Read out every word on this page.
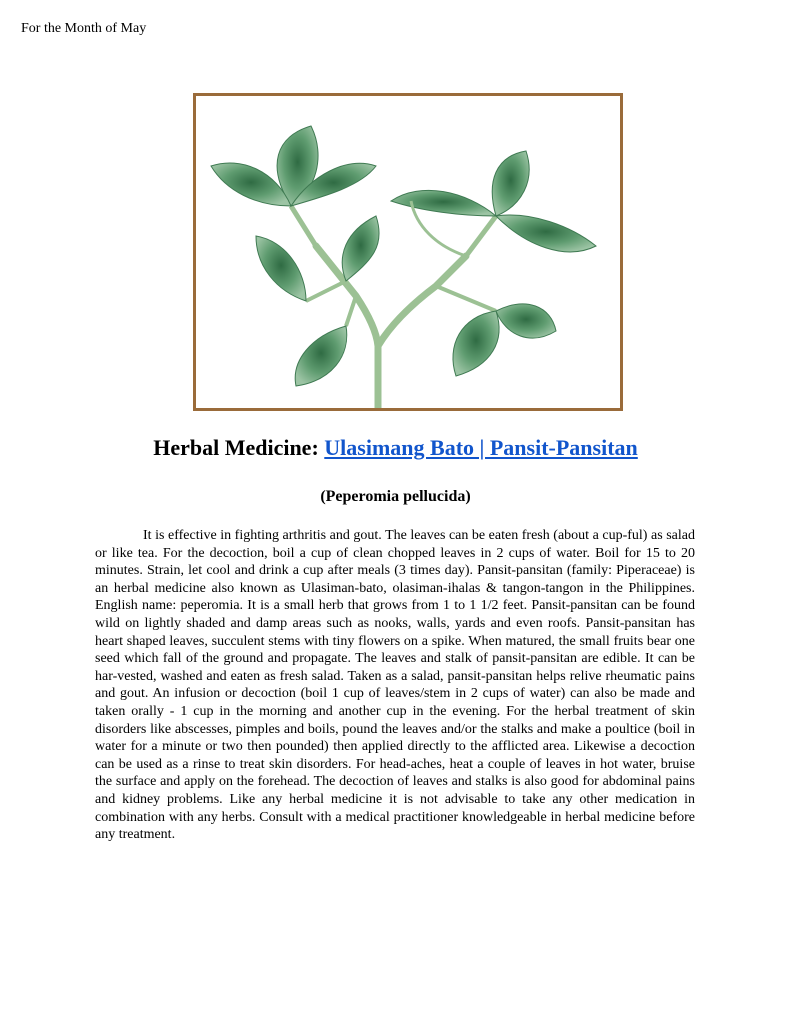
For the Month of May
Herbal Medicine: Ulasimang Bato | Pansit-Pansitan
(Peperomia pellucida)

It is effective in fighting arthritis and gout. The leaves can be eaten fresh (about a cup-ful) as salad or like tea. For the decoction, boil a cup of clean chopped leaves in 2 cups of water. Boil for 15 to 20 minutes. Strain, let cool and drink a cup after meals (3 times day). Pansit-pansitan (family: Piperaceae) is an herbal medicine also known as Ulasiman-bato, olasiman-ihalas & tangon-tangon in the Philippines. English name: peperomia. It is a small herb that grows from 1 to 1 1/2 feet. Pansit-pansitan can be found wild on lightly shaded and damp areas such as nooks, walls, yards and even roofs. Pansit-pansitan has heart shaped leaves, succulent stems with tiny flowers on a spike. When matured, the small fruits bear one seed which fall of the ground and propagate. The leaves and stalk of pansit-pansitan are edible. It can be har-vested, washed and eaten as fresh salad. Taken as a salad, pansit-pansitan helps relive rheumatic pains and gout. An infusion or decoction (boil 1 cup of leaves/stem in 2 cups of water) can also be made and taken orally - 1 cup in the morning and another cup in the evening. For the herbal treatment of skin disorders like abscesses, pimples and boils, pound the leaves and/or the stalks and make a poultice (boil in water for a minute or two then pounded) then applied directly to the afflicted area. Likewise a decoction can be used as a rinse to treat skin disorders. For head-aches, heat a couple of leaves in hot water, bruise the surface and apply on the forehead. The decoction of leaves and stalks is also good for abdominal pains and kidney problems. Like any herbal medicine it is not advisable to take any other medication in combination with any herbs. Consult with a medical practitioner knowledgeable in herbal medicine before any treatment.
